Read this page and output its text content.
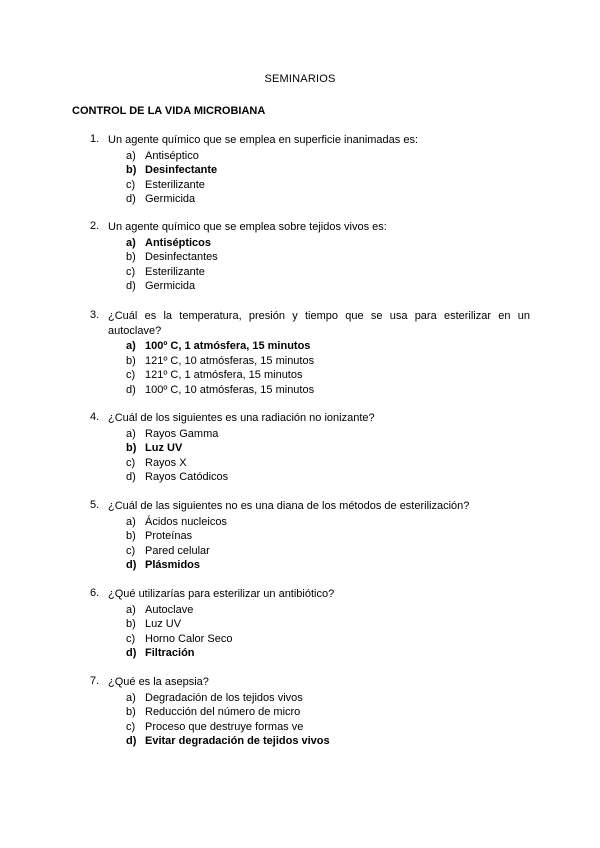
SEMINARIOS
CONTROL DE LA VIDA MICROBIANA
1. Un agente químico que se emplea en superficie inanimadas es:
a) Antiséptico
b) Desinfectante
c) Esterilizante
d) Germicida
2. Un agente químico que se emplea sobre tejidos vivos es:
a) Antisépticos
b) Desinfectantes
c) Esterilizante
d) Germicida
3. ¿Cuál es la temperatura, presión y tiempo que se usa para esterilizar en un autoclave?
a) 100º C, 1 atmósfera, 15 minutos
b) 121º C, 10 atmósferas, 15 minutos
c) 121º C, 1 atmósfera, 15 minutos
d) 100º C, 10 atmósferas, 15 minutos
4. ¿Cuál de los siguientes es una radiación no ionizante?
a) Rayos Gamma
b) Luz UV
c) Rayos X
d) Rayos Catódicos
5. ¿Cuál de las siguientes no es una diana de los métodos de esterilización?
a) Ácidos nucleicos
b) Proteínas
c) Pared celular
d) Plásmidos
6. ¿Qué utilizarías para esterilizar un antibiótico?
a) Autoclave
b) Luz UV
c) Horno Calor Seco
d) Filtración
7. ¿Qué es la asepsia?
a) Degradación de los tejidos vivos
b) Reducción del número de micro
c) Proceso que destruye formas ve
d) Evitar degradación de tejidos vivos
